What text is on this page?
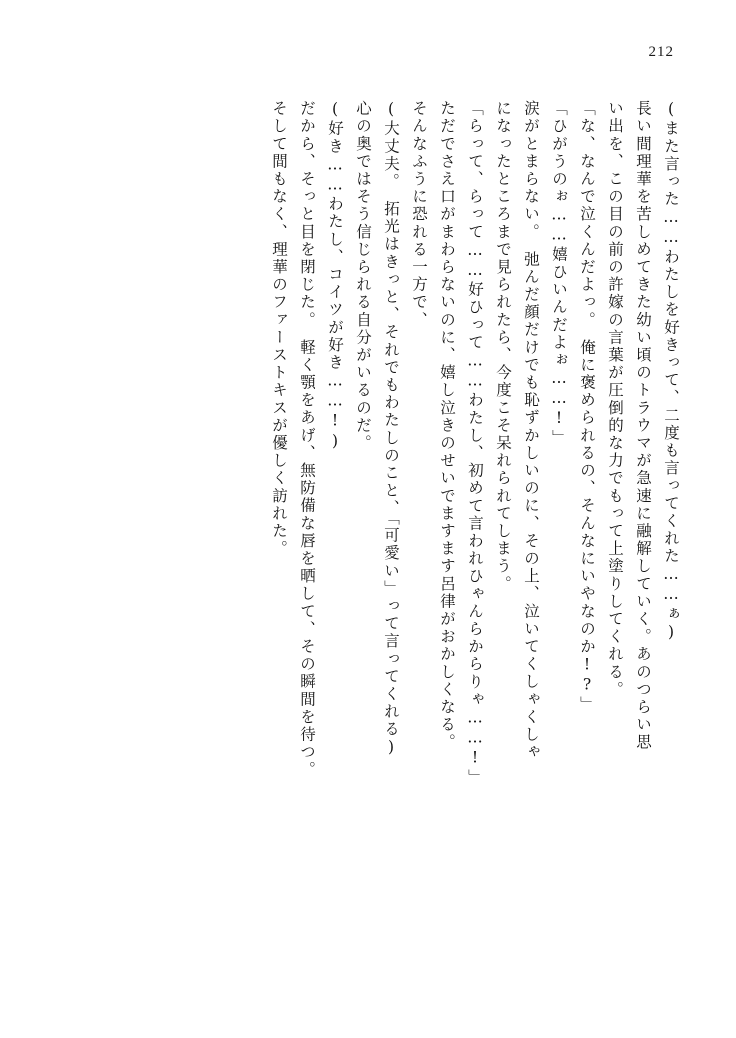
212
(また言った……わたしを好きって、二度も言ってくれた……ぁ)
長い間理華を苦しめてきた幼い頃のトラウマが急速に融解していく。あのつらい思
い出を、この目の前の許嫁の言葉が圧倒的な力でもって上塗りしてくれる。
「な、なんで泣くんだよっ。　俺に褒められるの、そんなにいやなのか!?」
「ひがうのぉ……嬉ひいんだよぉ……!」
涙がとまらない。　弛んだ顔だけでも恥ずかしいのに、その上、泣いてくしゃくしゃ
になったところまで見られたら、今度こそ呆れられてしまう。
「らって、らって……好ひって……わたし、初めて言われひゃんらからりゃ……!」
ただでさえ口がまわらないのに、嬉し泣きのせいでますます呂律がおかしくなる。
そんなふうに恐れる一方で、
(大丈夫。　拓光はきっと、それでもわたしのこと、「可愛い」って言ってくれる)
心の奥ではそう信じられる自分がいるのだ。
(好き……わたし、コイツが好き……!)
だから、そっと目を閉じた。　軽く顎をあげ、無防備な唇を晒して、その瞬間を待つ。
そして間もなく、理華のファーストキスが優しく訪れた。
